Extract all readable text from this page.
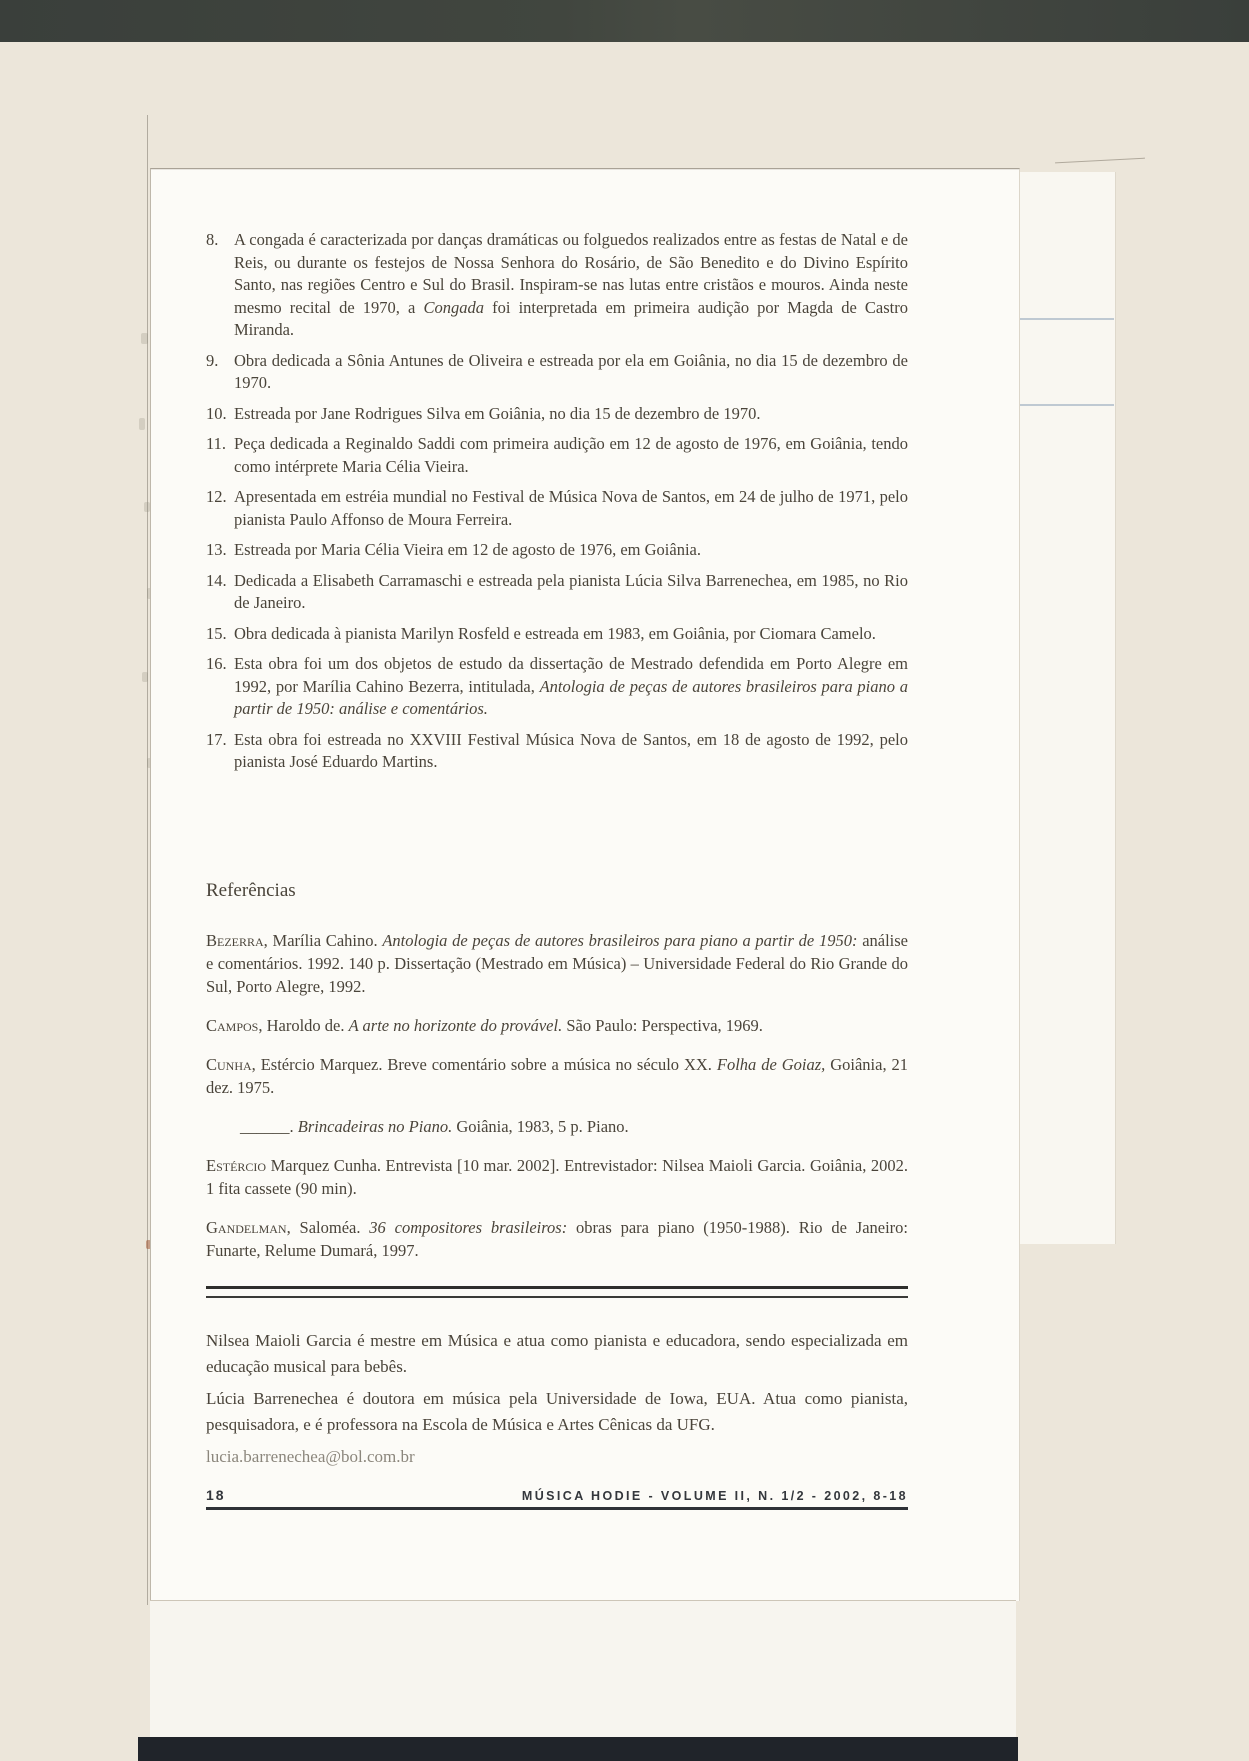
8. A congada é caracterizada por danças dramáticas ou folguedos realizados entre as festas de Natal e de Reis, ou durante os festejos de Nossa Senhora do Rosário, de São Benedito e do Divino Espírito Santo, nas regiões Centro e Sul do Brasil. Inspiram-se nas lutas entre cristãos e mouros. Ainda neste mesmo recital de 1970, a Congada foi interpretada em primeira audição por Magda de Castro Miranda.
9. Obra dedicada a Sônia Antunes de Oliveira e estreada por ela em Goiânia, no dia 15 de dezembro de 1970.
10. Estreada por Jane Rodrigues Silva em Goiânia, no dia 15 de dezembro de 1970.
11. Peça dedicada a Reginaldo Saddi com primeira audição em 12 de agosto de 1976, em Goiânia, tendo como intérprete Maria Célia Vieira.
12. Apresentada em estréia mundial no Festival de Música Nova de Santos, em 24 de julho de 1971, pelo pianista Paulo Affonso de Moura Ferreira.
13. Estreada por Maria Célia Vieira em 12 de agosto de 1976, em Goiânia.
14. Dedicada a Elisabeth Carramaschi e estreada pela pianista Lúcia Silva Barrenechea, em 1985, no Rio de Janeiro.
15. Obra dedicada à pianista Marilyn Rosfeld e estreada em 1983, em Goiânia, por Ciomara Camelo.
16. Esta obra foi um dos objetos de estudo da dissertação de Mestrado defendida em Porto Alegre em 1992, por Marília Cahino Bezerra, intitulada, Antologia de peças de autores brasileiros para piano a partir de 1950: análise e comentários.
17. Esta obra foi estreada no XXVIII Festival Música Nova de Santos, em 18 de agosto de 1992, pelo pianista José Eduardo Martins.
Referências

Bezerra, Marília Cahino. Antologia de peças de autores brasileiros para piano a partir de 1950: análise e comentários. 1992. 140 p. Dissertação (Mestrado em Música) – Universidade Federal do Rio Grande do Sul, Porto Alegre, 1992.

Campos, Haroldo de. A arte no horizonte do provável. São Paulo: Perspectiva, 1969.

Cunha, Estércio Marquez. Breve comentário sobre a música no século XX. Folha de Goiaz, Goiânia, 21 dez. 1975.

______. Brincadeiras no Piano. Goiânia, 1983, 5 p. Piano.

Estércio Marquez Cunha. Entrevista [10 mar. 2002]. Entrevistador: Nilsea Maioli Garcia. Goiânia, 2002. 1 fita cassete (90 min).

Gandelman, Saloméa. 36 compositores brasileiros: obras para piano (1950-1988). Rio de Janeiro: Funarte, Relume Dumará, 1997.

Nilsea Maioli Garcia é mestre em Música e atua como pianista e educadora, sendo especializada em educação musical para bebês.

Lúcia Barrenechea é doutora em música pela Universidade de Iowa, EUA. Atua como pianista, pesquisadora, e é professora na Escola de Música e Artes Cênicas da UFG.

lucia.barrenechea@bol.com.br

18	MÚSICA HODIE - VOLUME II, N. 1/2 - 2002, 8-18
